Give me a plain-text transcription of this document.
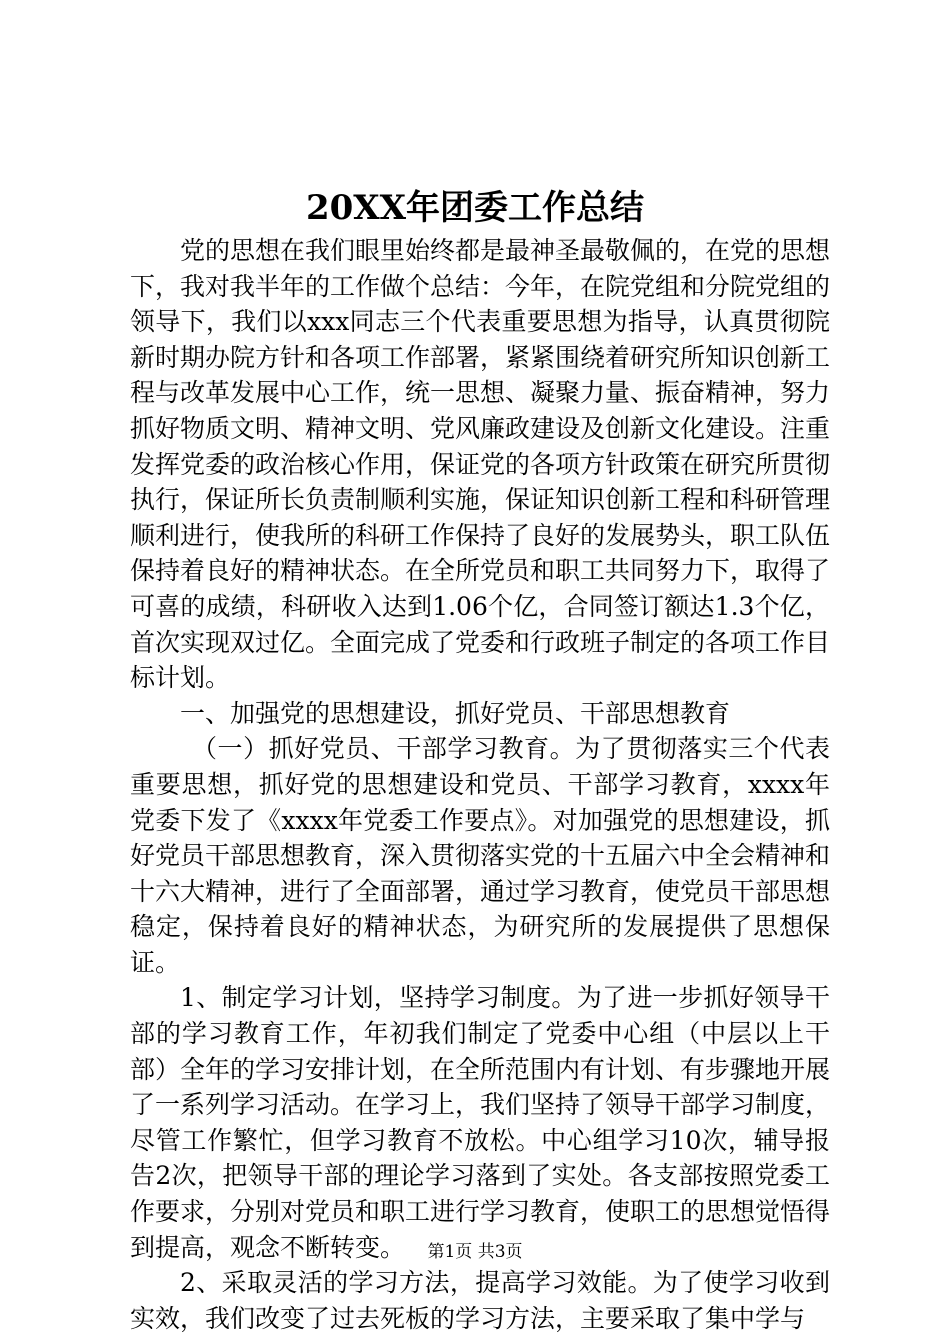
20XX年团委工作总结

党的思想在我们眼里始终都是最神圣最敬佩的，在党的思想下，我对我半年的工作做个总结：今年，在院党组和分院党组的领导下，我们以xxx同志三个代表重要思想为指导，认真贯彻院新时期办院方针和各项工作部署，紧紧围绕着研究所知识创新工程与改革发展中心工作，统一思想、凝聚力量、振奋精神，努力抓好物质文明、精神文明、党风廉政建设及创新文化建设。注重发挥党委的政治核心作用，保证党的各项方针政策在研究所贯彻执行，保证所长负责制顺利实施，保证知识创新工程和科研管理顺利进行，使我所的科研工作保持了良好的发展势头，职工队伍保持着良好的精神状态。在全所党员和职工共同努力下，取得了可喜的成绩，科研收入达到1.06个亿，合同签订额达1.3个亿，首次实现双过亿。全面完成了党委和行政班子制定的各项工作目标计划。

一、加强党的思想建设，抓好党员、干部思想教育

（一）抓好党员、干部学习教育。为了贯彻落实三个代表重要思想，抓好党的思想建设和党员、干部学习教育，xxxx年党委下发了《xxxx年党委工作要点》。对加强党的思想建设，抓好党员干部思想教育，深入贯彻落实党的十五届六中全会精神和十六大精神，进行了全面部署，通过学习教育，使党员干部思想稳定，保持着良好的精神状态，为研究所的发展提供了思想保证。

1、制定学习计划，坚持学习制度。为了进一步抓好领导干部的学习教育工作，年初我们制定了党委中心组（中层以上干部）全年的学习安排计划，在全所范围内有计划、有步骤地开展了一系列学习活动。在学习上，我们坚持了领导干部学习制度，尽管工作繁忙，但学习教育不放松。中心组学习10次，辅导报告2次，把领导干部的理论学习落到了实处。各支部按照党委工作要求，分别对党员和职工进行学习教育，使职工的思想觉悟得到提高，观念不断转变。

2、采取灵活的学习方法，提高学习效能。为了使学习收到实效，我们改变了过去死板的学习方法，主要采取了集中学与

第1页 共3页
